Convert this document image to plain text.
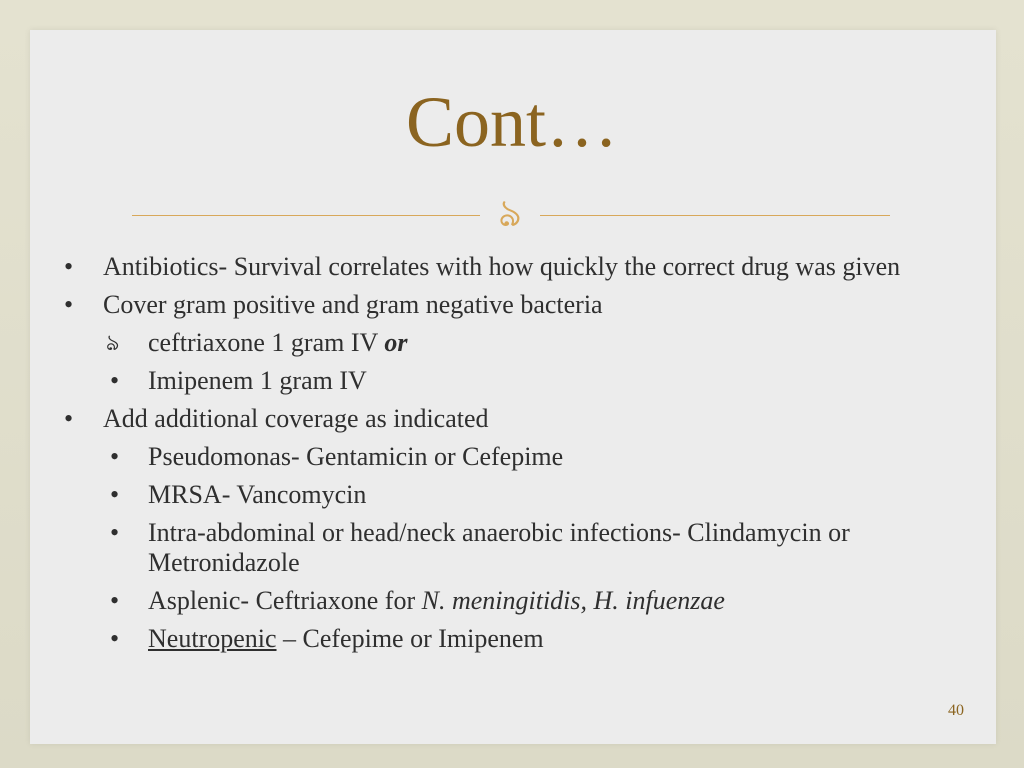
Cont…
ঌ
• Antibiotics- Survival correlates with how quickly the correct drug was given
• Cover gram positive and gram negative bacteria
ঌ ceftriaxone 1 gram IV or
• Imipenem 1 gram IV
• Add additional coverage as indicated
• Pseudomonas- Gentamicin or Cefepime
• MRSA- Vancomycin
• Intra-abdominal or head/neck anaerobic infections- Clindamycin or Metronidazole
• Asplenic- Ceftriaxone for N. meningitidis, H. infuenzae
• Neutropenic – Cefepime or Imipenem
40
